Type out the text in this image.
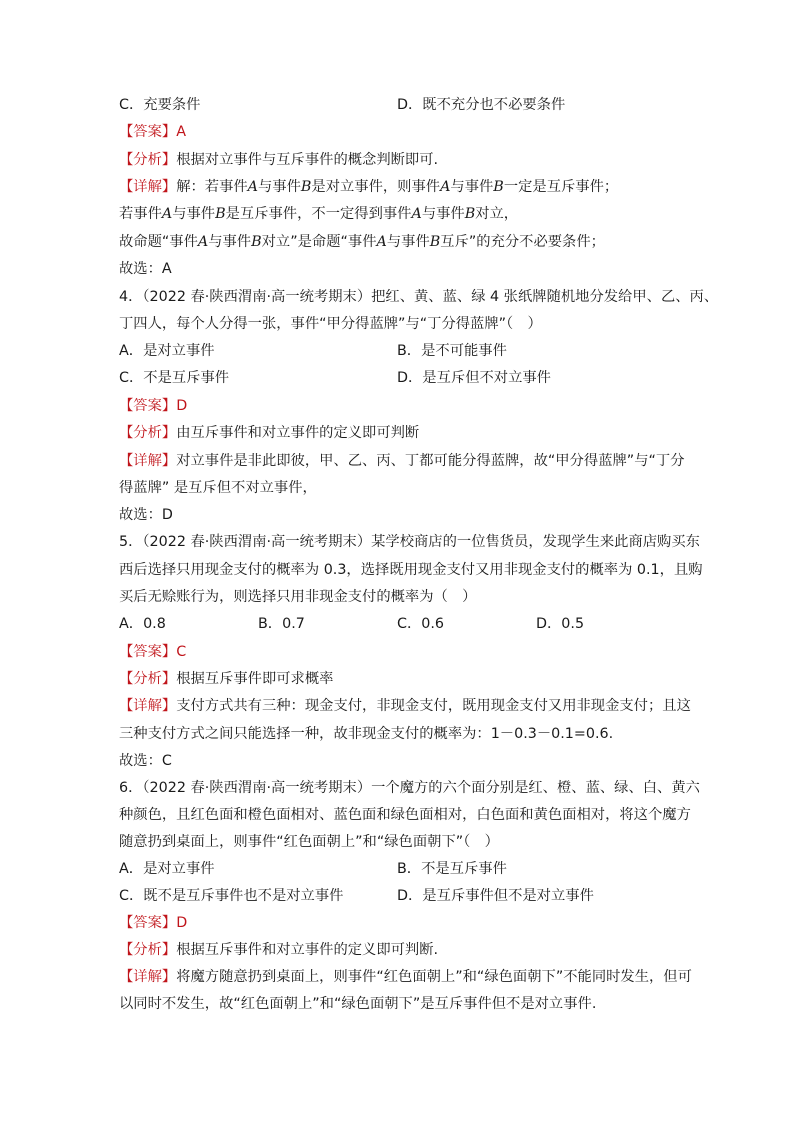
C．充要条件	D．既不充分也不必要条件
【答案】A
【分析】根据对立事件与互斥事件的概念判断即可.
【详解】解：若事件A与事件B是对立事件，则事件A与事件B一定是互斥事件；
若事件A与事件B是互斥事件，不一定得到事件A与事件B对立，
故命题“事件A与事件B对立”是命题“事件A与事件B互斥”的充分不必要条件；
故选：A
4．（2022 春·陕西渭南·高一统考期末）把红、黄、蓝、绿 4 张纸牌随机地分发给甲、乙、丙、
丁四人，每个人分得一张，事件“甲分得蓝牌”与“丁分得蓝牌”（　）
A．是对立事件	B．是不可能事件
C．不是互斥事件	D．是互斥但不对立事件
【答案】D
【分析】由互斥事件和对立事件的定义即可判断
【详解】对立事件是非此即彼，甲、乙、丙、丁都可能分得蓝牌，故“甲分得蓝牌”与“丁分
得蓝牌” 是互斥但不对立事件，
故选：D
5．（2022 春·陕西渭南·高一统考期末）某学校商店的一位售货员，发现学生来此商店购买东
西后选择只用现金支付的概率为 0.3，选择既用现金支付又用非现金支付的概率为 0.1，且购
买后无赊账行为，则选择只用非现金支付的概率为（　）
A．0.8	B．0.7	C．0.6	D．0.5
【答案】C
【分析】根据互斥事件即可求概率
【详解】支付方式共有三种：现金支付，非现金支付，既用现金支付又用非现金支付；且这
三种支付方式之间只能选择一种，故非现金支付的概率为：1－0.3－0.1=0.6.
故选：C
6．（2022 春·陕西渭南·高一统考期末）一个魔方的六个面分别是红、橙、蓝、绿、白、黄六
种颜色，且红色面和橙色面相对、蓝色面和绿色面相对，白色面和黄色面相对，将这个魔方
随意扔到桌面上，则事件“红色面朝上”和“绿色面朝下”（　）
A．是对立事件	B．不是互斥事件
C．既不是互斥事件也不是对立事件	D．是互斥事件但不是对立事件
【答案】D
【分析】根据互斥事件和对立事件的定义即可判断.
【详解】将魔方随意扔到桌面上，则事件“红色面朝上”和“绿色面朝下”不能同时发生，但可
以同时不发生，故“红色面朝上”和“绿色面朝下”是互斥事件但不是对立事件.
